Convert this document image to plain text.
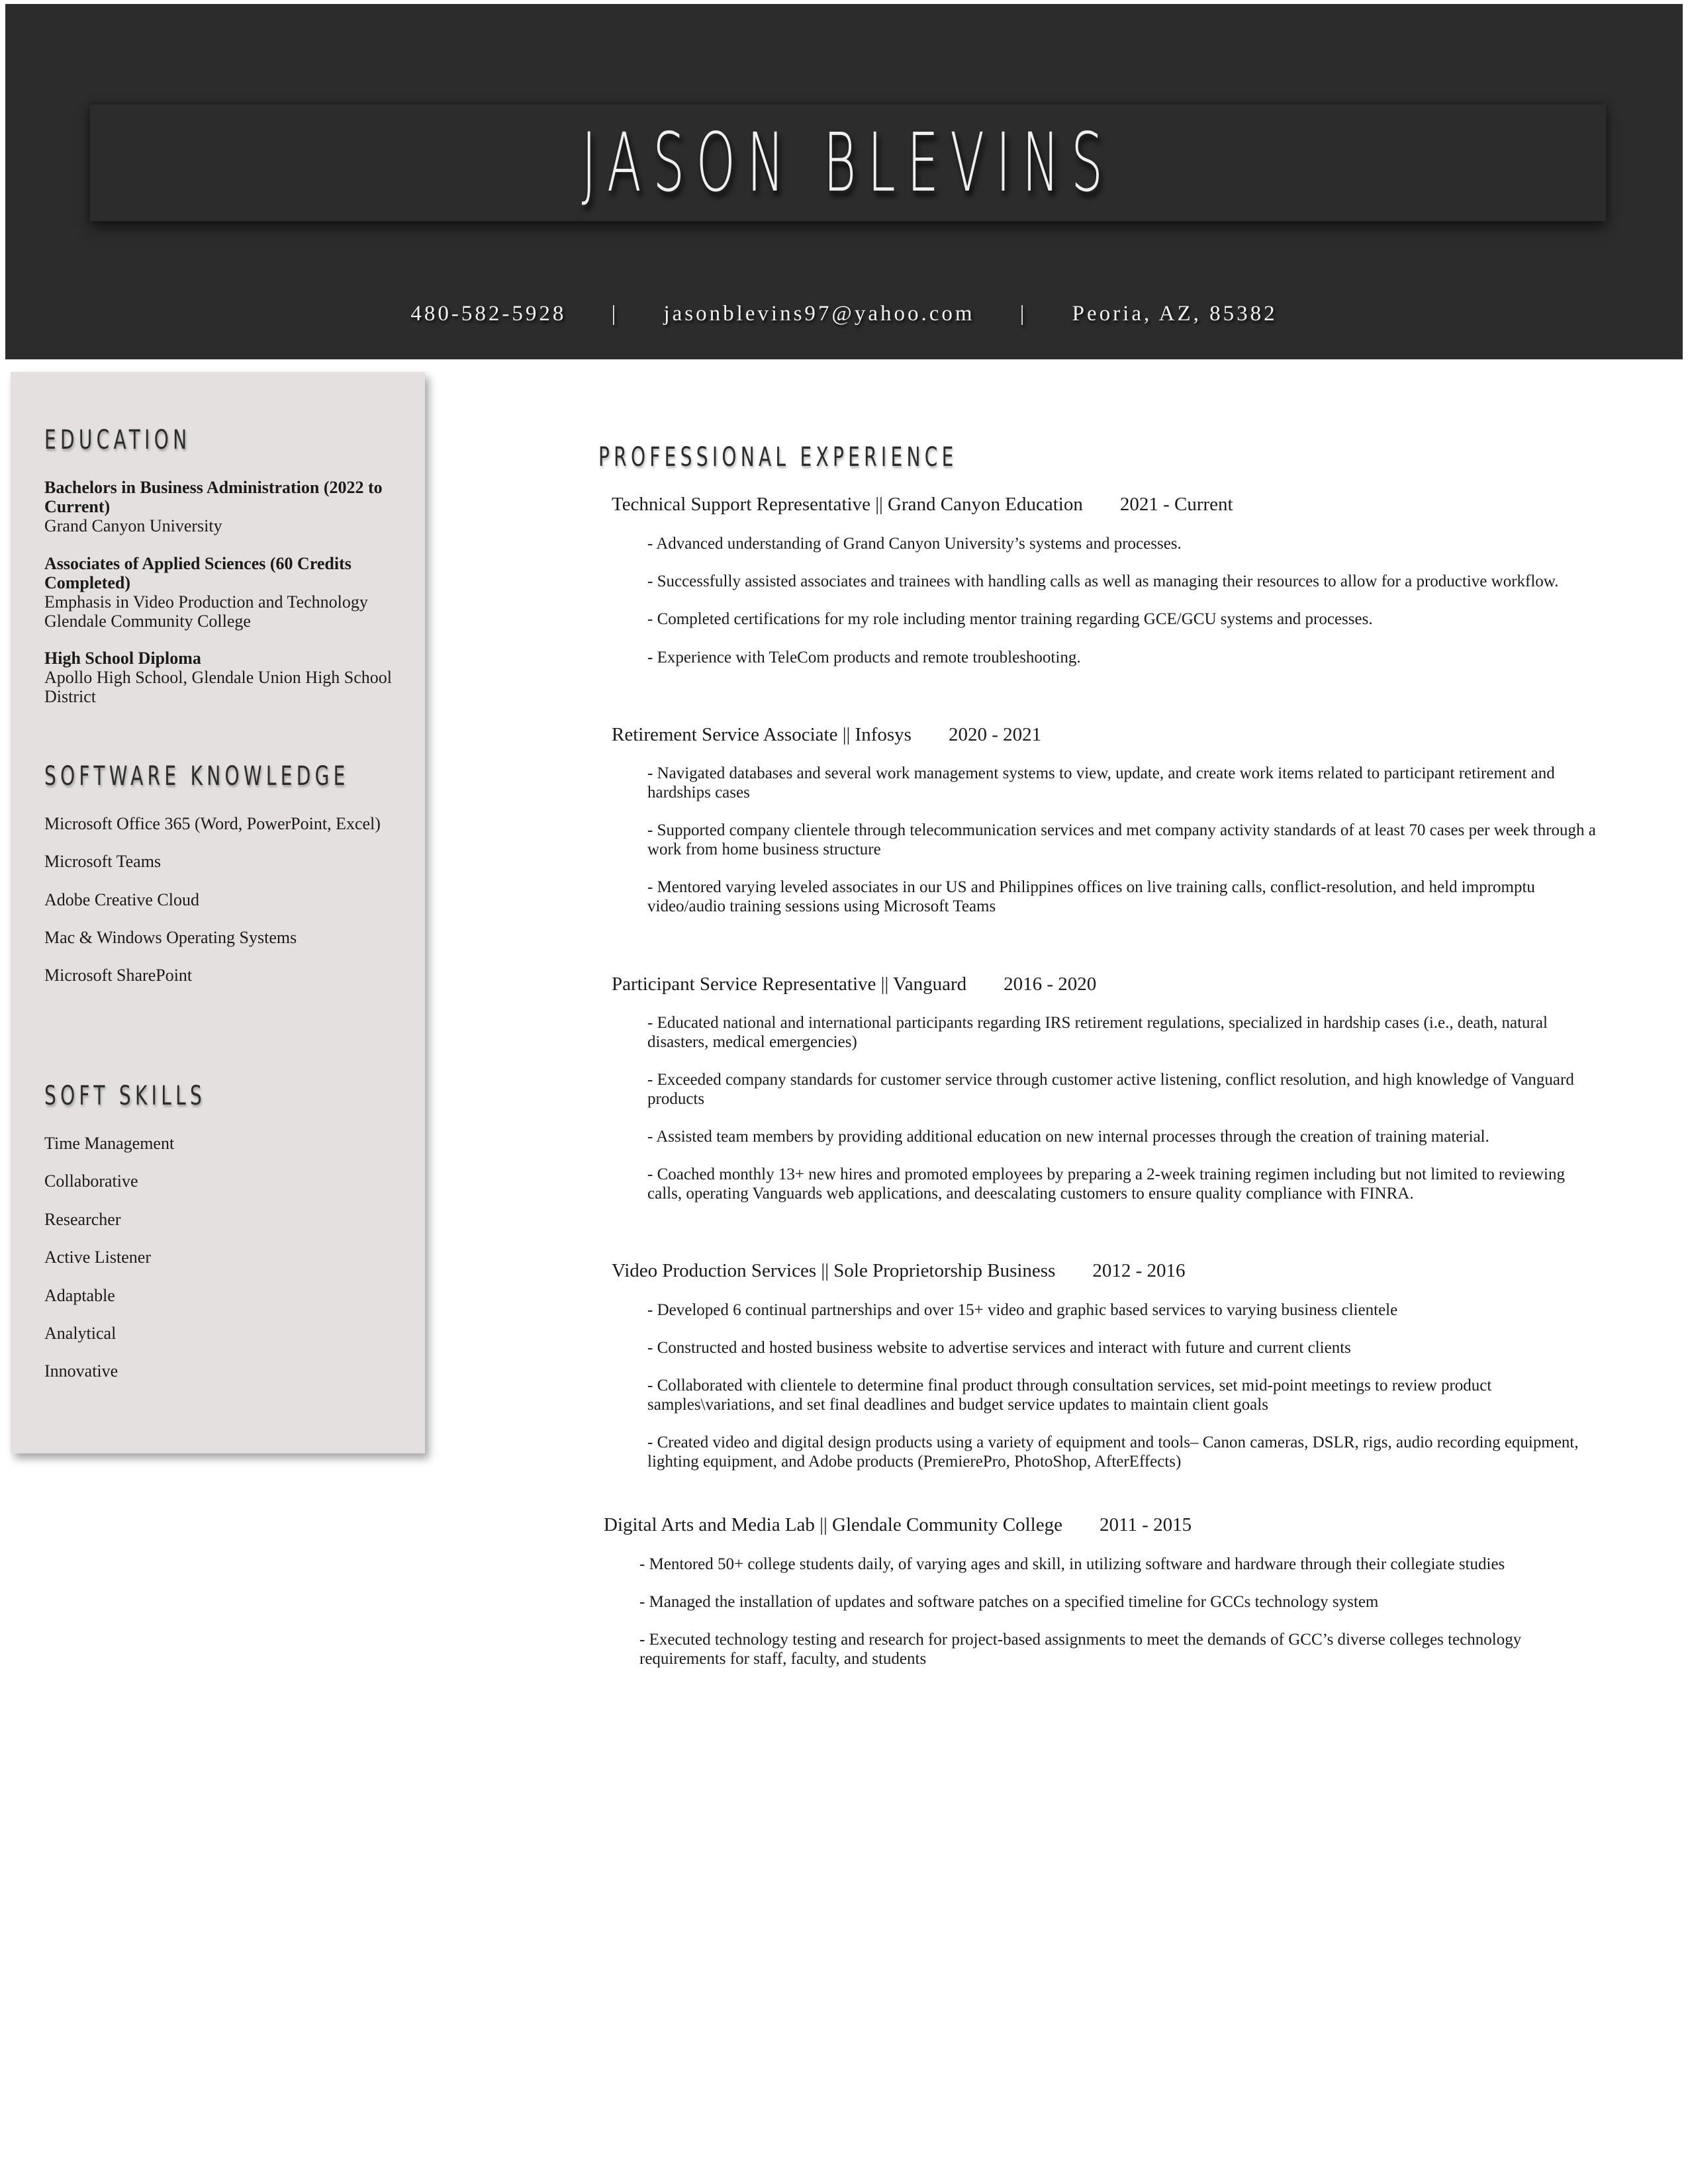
JASON BLEVINS
480-582-5928 | jasonblevins97@yahoo.com | Peoria, AZ, 85382
EDUCATION
Bachelors in Business Administration (2022 to Current)
Grand Canyon University
Associates of Applied Sciences (60 Credits Completed)
Emphasis in Video Production and Technology
Glendale Community College
High School Diploma
Apollo High School, Glendale Union High School District
SOFTWARE KNOWLEDGE
Microsoft Office 365 (Word, PowerPoint, Excel)
Microsoft Teams
Adobe Creative Cloud
Mac & Windows Operating Systems
Microsoft SharePoint
SOFT SKILLS
Time Management
Collaborative
Researcher
Active Listener
Adaptable
Analytical
Innovative
PROFESSIONAL EXPERIENCE
Technical Support Representative || Grand Canyon Education 2021 - Current
- Advanced understanding of Grand Canyon University’s systems and processes.
- Successfully assisted associates and trainees with handling calls as well as managing their resources to allow for a productive workflow.
- Completed certifications for my role including mentor training regarding GCE/GCU systems and processes.
- Experience with TeleCom products and remote troubleshooting.
Retirement Service Associate || Infosys 2020 - 2021
- Navigated databases and several work management systems to view, update, and create work items related to participant retirement and hardships cases
- Supported company clientele through telecommunication services and met company activity standards of at least 70 cases per week through a work from home business structure
- Mentored varying leveled associates in our US and Philippines offices on live training calls, conflict-resolution, and held impromptu video/audio training sessions using Microsoft Teams
Participant Service Representative || Vanguard 2016 - 2020
- Educated national and international participants regarding IRS retirement regulations, specialized in hardship cases (i.e., death, natural disasters, medical emergencies)
- Exceeded company standards for customer service through customer active listening, conflict resolution, and high knowledge of Vanguard products
- Assisted team members by providing additional education on new internal processes through the creation of training material.
- Coached monthly 13+ new hires and promoted employees by preparing a 2-week training regimen including but not limited to reviewing calls, operating Vanguards web applications, and deescalating customers to ensure quality compliance with FINRA.
Video Production Services || Sole Proprietorship Business 2012 - 2016
- Developed 6 continual partnerships and over 15+ video and graphic based services to varying business clientele
- Constructed and hosted business website to advertise services and interact with future and current clients
- Collaborated with clientele to determine final product through consultation services, set mid-point meetings to review product samples\variations, and set final deadlines and budget service updates to maintain client goals
- Created video and digital design products using a variety of equipment and tools– Canon cameras, DSLR, rigs, audio recording equipment, lighting equipment, and Adobe products (PremierePro, PhotoShop, AfterEffects)
Digital Arts and Media Lab || Glendale Community College 2011 - 2015
- Mentored 50+ college students daily, of varying ages and skill, in utilizing software and hardware through their collegiate studies
- Managed the installation of updates and software patches on a specified timeline for GCCs technology system
- Executed technology testing and research for project-based assignments to meet the demands of GCC’s diverse colleges technology requirements for staff, faculty, and students
